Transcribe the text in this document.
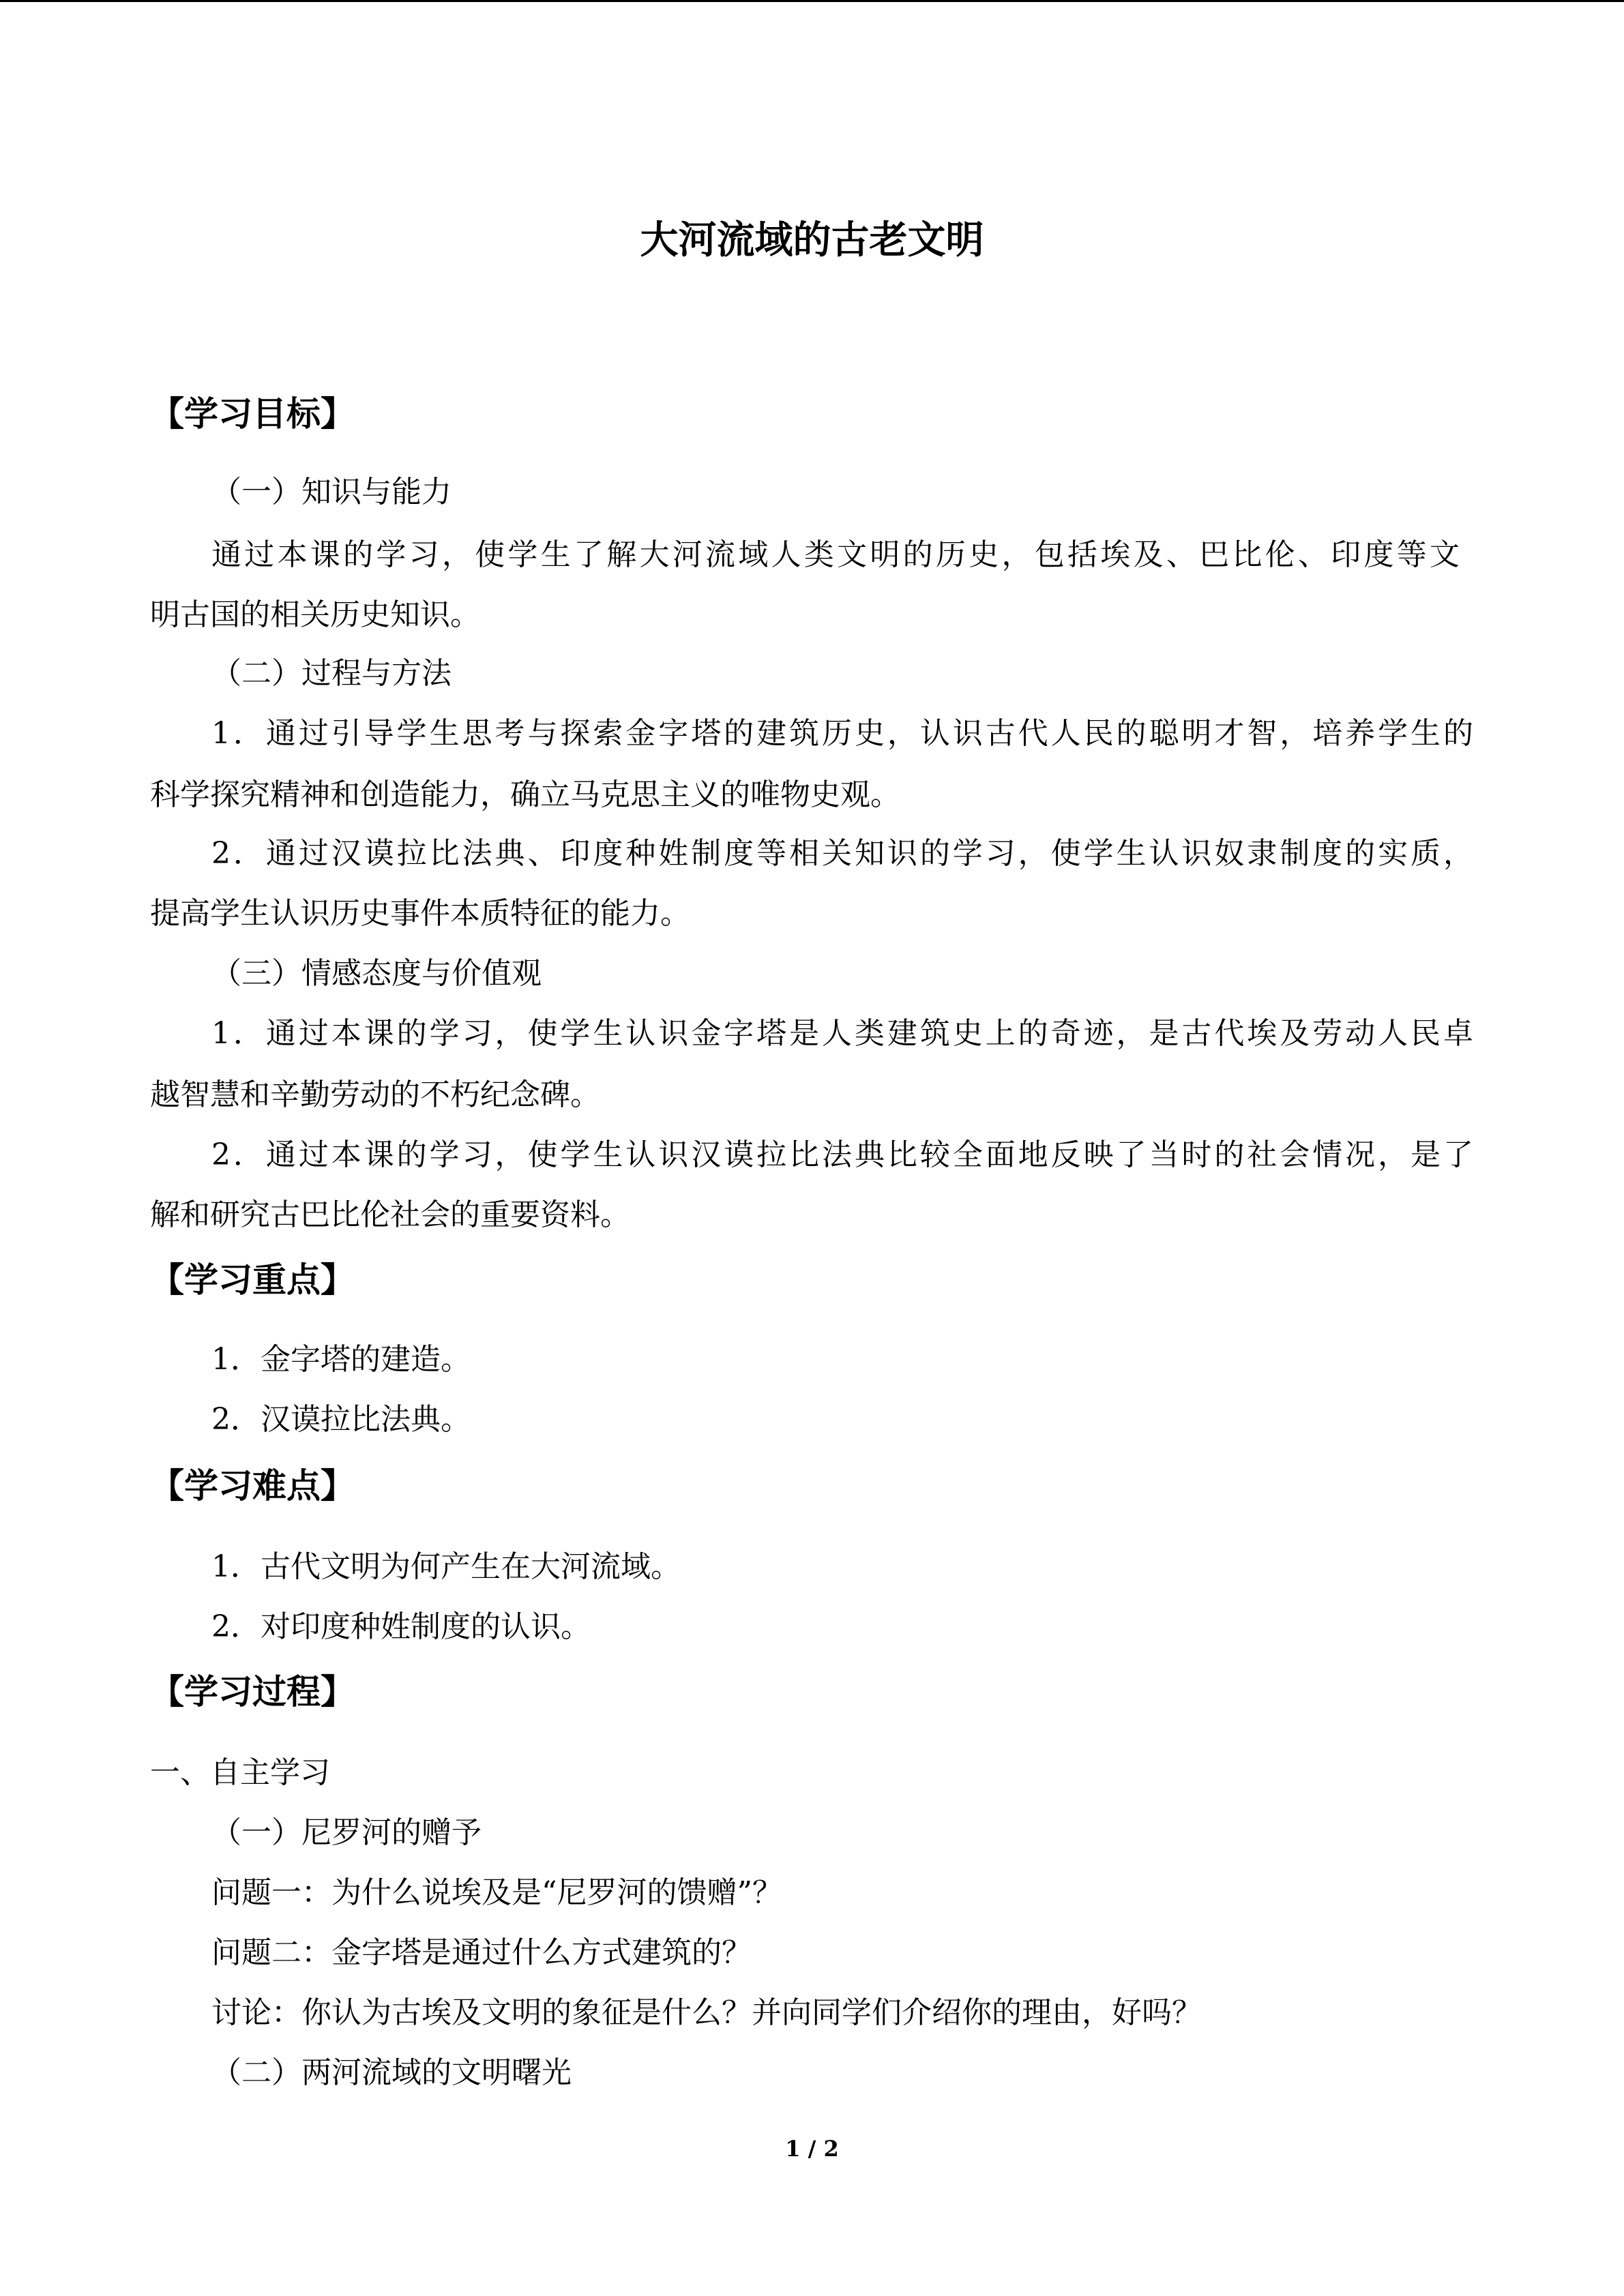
大河流域的古老文明
【学习目标】
（一）知识与能力
通过本课的学习，使学生了解大河流域人类文明的历史，包括埃及、巴比伦、印度等文
明古国的相关历史知识。
（二）过程与方法
1．通过引导学生思考与探索金字塔的建筑历史，认识古代人民的聪明才智，培养学生的
科学探究精神和创造能力，确立马克思主义的唯物史观。
2．通过汉谟拉比法典、印度种姓制度等相关知识的学习，使学生认识奴隶制度的实质，
提高学生认识历史事件本质特征的能力。
（三）情感态度与价值观
1．通过本课的学习，使学生认识金字塔是人类建筑史上的奇迹，是古代埃及劳动人民卓
越智慧和辛勤劳动的不朽纪念碑。
2．通过本课的学习，使学生认识汉谟拉比法典比较全面地反映了当时的社会情况，是了
解和研究古巴比伦社会的重要资料。
【学习重点】
1．金字塔的建造。
2．汉谟拉比法典。
【学习难点】
1．古代文明为何产生在大河流域。
2．对印度种姓制度的认识。
【学习过程】
一、自主学习
（一）尼罗河的赠予
问题一：为什么说埃及是“尼罗河的馈赠”？
问题二：金字塔是通过什么方式建筑的？
讨论：你认为古埃及文明的象征是什么？并向同学们介绍你的理由，好吗？
（二）两河流域的文明曙光
1 / 2
